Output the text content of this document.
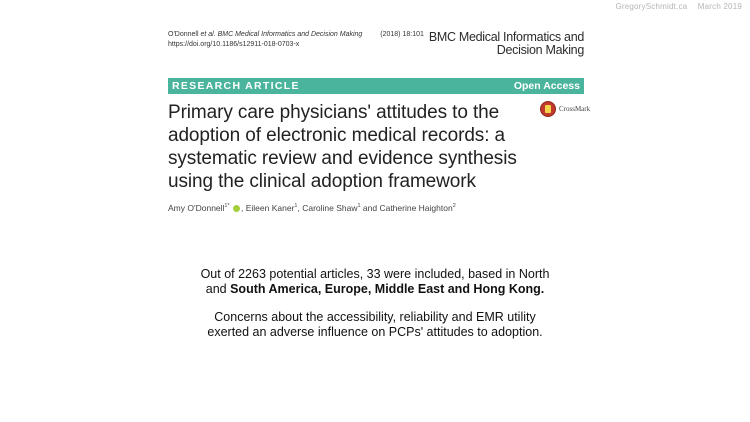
GregorySchmidt.ca March 2019
O'Donnell et al. BMC Medical Informatics and Decision Making	(2018) 18:101
https://doi.org/10.1186/s12911-018-0703-x
BMC Medical Informatics and
Decision Making
RESEARCH ARTICLE	Open Access
CrossMark
Primary care physicians' attitudes to the adoption of electronic medical records: a systematic review and evidence synthesis using the clinical adoption framework
Amy O'Donnell$^{1*}$ , Eileen Kaner$^1$, Caroline Shaw$^1$ and Catherine Haighton$^2$

Out of 2263 potential articles, 33 were included, based in North and South America, Europe, Middle East and Hong Kong.

Concerns about the accessibility, reliability and EMR utility exerted an adverse influence on PCPs' attitudes to adoption.
